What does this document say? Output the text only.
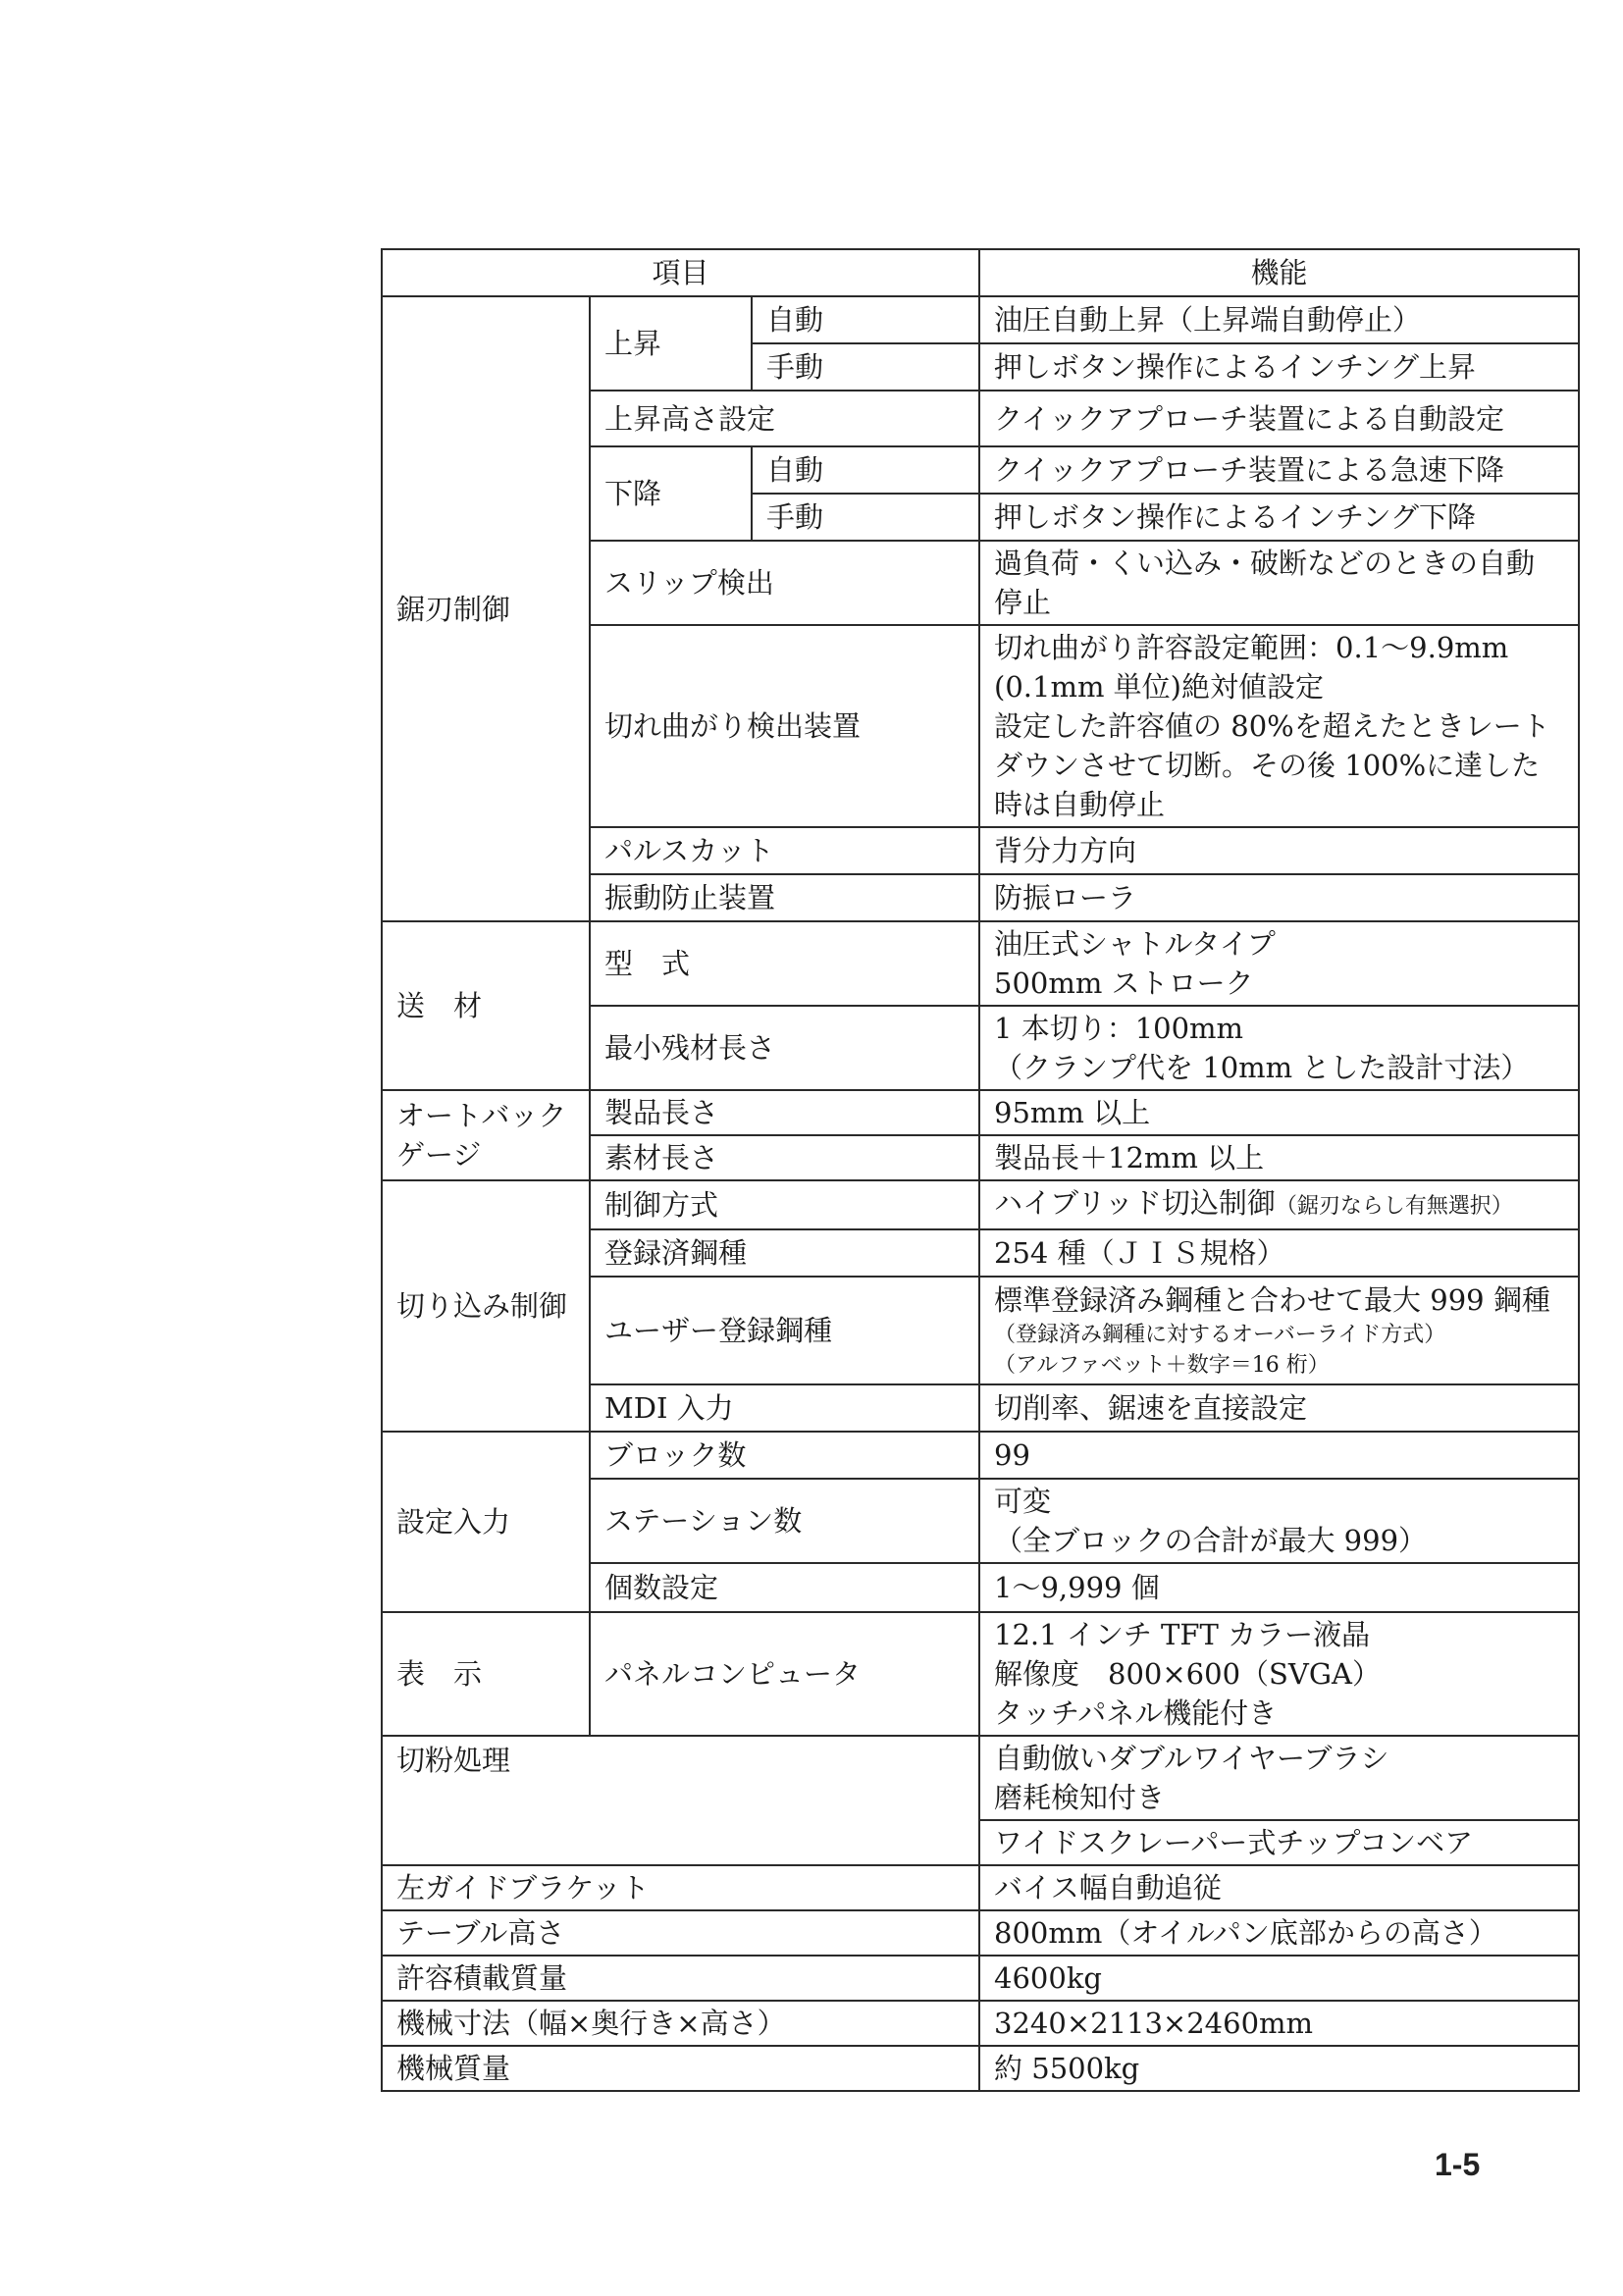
項目			機能
鋸刃制御	上昇	自動	油圧自動上昇（上昇端自動停止）
		手動	押しボタン操作によるインチング上昇
	上昇高さ設定		クイックアプローチ装置による自動設定
	下降	自動	クイックアプローチ装置による急速下降
		手動	押しボタン操作によるインチング下降
	スリップ検出		過負荷・くい込み・破断などのときの自動
停止

	切れ曲がり検出装置		切れ曲がり許容設定範囲：0.1～9.9mm
(0.1mm 単位)絶対値設定
設定した許容値の 80%を超えたときレート
ダウンさせて切断。その後 100%に達した
時は自動停止

	パルスカット		背分力方向
	振動防止装置		防振ローラ
送　材	型　式		油圧式シャトルタイプ
500mm ストローク

	最小残材長さ		1 本切り：100mm
（クランプ代を 10mm とした設計寸法）

オートバック
ゲージ	製品長さ		95mm 以上
	素材長さ		製品長＋12mm 以上
切り込み制御	制御方式		ハイブリッド切込制御（鋸刃ならし有無選択）
	登録済鋼種		254 種（ＪＩＳ規格）
	ユーザー登録鋼種		標準登録済み鋼種と合わせて最大 999 鋼種
（登録済み鋼種に対するオーバーライド方式）
（アルファベット＋数字＝16 桁）

	MDI 入力		切削率、鋸速を直接設定
設定入力	ブロック数		99
	ステーション数		可変
（全ブロックの合計が最大 999）

	個数設定		1～9,999 個
表　示	パネルコンピュータ		12.1 インチ TFT カラー液晶
解像度　800×600（SVGA）
タッチパネル機能付き

切粉処理			自動倣いダブルワイヤーブラシ
磨耗検知付き

			ワイドスクレーパー式チップコンベア
左ガイドブラケット			バイス幅自動追従
テーブル高さ			800mm（オイルパン底部からの高さ）
許容積載質量			4600kg
機械寸法（幅×奥行き×高さ）			3240×2113×2460mm
機械質量			約 5500kg
1-5
